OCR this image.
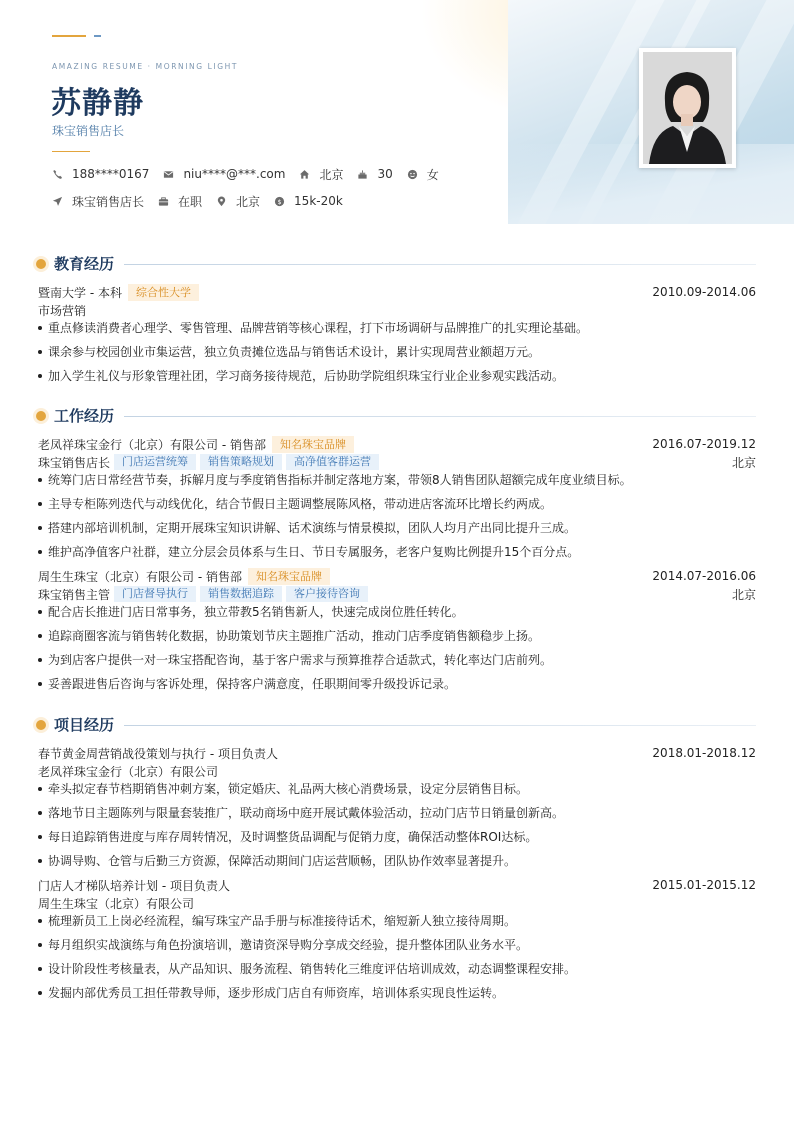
AMAZING RESUME · MORNING LIGHT
苏静静
珠宝销售店长
188****0167	niu****@***.com	北京	30	女
珠宝销售店长	在职	北京 $ 15k-20k
教育经历
暨南大学 - 本科	综合性大学	2010.09-2014.06
市场营销
重点修读消费者心理学、零售管理、品牌营销等核心课程，打下市场调研与品牌推广的扎实理论基础。
课余参与校园创业市集运营，独立负责摊位选品与销售话术设计，累计实现周营业额超万元。
加入学生礼仪与形象管理社团，学习商务接待规范，后协助学院组织珠宝行业企业参观实践活动。
工作经历
老凤祥珠宝金行（北京）有限公司 - 销售部	知名珠宝品牌	2016.07-2019.12
珠宝销售店长	门店运营统筹	销售策略规划	高净值客群运营	北京
统筹门店日常经营节奏，拆解月度与季度销售指标并制定落地方案，带领8人销售团队超额完成年度业绩目标。
主导专柜陈列迭代与动线优化，结合节假日主题调整展陈风格，带动进店客流环比增长约两成。
搭建内部培训机制，定期开展珠宝知识讲解、话术演练与情景模拟，团队人均月产出同比提升三成。
维护高净值客户社群，建立分层会员体系与生日、节日专属服务，老客户复购比例提升15个百分点。
周生生珠宝（北京）有限公司 - 销售部	知名珠宝品牌	2014.07-2016.06
珠宝销售主管	门店督导执行	销售数据追踪	客户接待咨询	北京
配合店长推进门店日常事务，独立带教5名销售新人，快速完成岗位胜任转化。
追踪商圈客流与销售转化数据，协助策划节庆主题推广活动，推动门店季度销售额稳步上扬。
为到店客户提供一对一珠宝搭配咨询，基于客户需求与预算推荐合适款式，转化率达门店前列。
妥善跟进售后咨询与客诉处理，保持客户满意度，任职期间零升级投诉记录。
项目经历
春节黄金周营销战役策划与执行 - 项目负责人	2018.01-2018.12
老凤祥珠宝金行（北京）有限公司
牵头拟定春节档期销售冲刺方案，锁定婚庆、礼品两大核心消费场景，设定分层销售目标。
落地节日主题陈列与限量套装推广，联动商场中庭开展试戴体验活动，拉动门店节日销量创新高。
每日追踪销售进度与库存周转情况，及时调整货品调配与促销力度，确保活动整体ROI达标。
协调导购、仓管与后勤三方资源，保障活动期间门店运营顺畅，团队协作效率显著提升。
门店人才梯队培养计划 - 项目负责人	2015.01-2015.12
周生生珠宝（北京）有限公司
梳理新员工上岗必经流程，编写珠宝产品手册与标准接待话术，缩短新人独立接待周期。
每月组织实战演练与角色扮演培训，邀请资深导购分享成交经验，提升整体团队业务水平。
设计阶段性考核量表，从产品知识、服务流程、销售转化三维度评估培训成效，动态调整课程安排。
发掘内部优秀员工担任带教导师，逐步形成门店自有师资库，培训体系实现良性运转。
